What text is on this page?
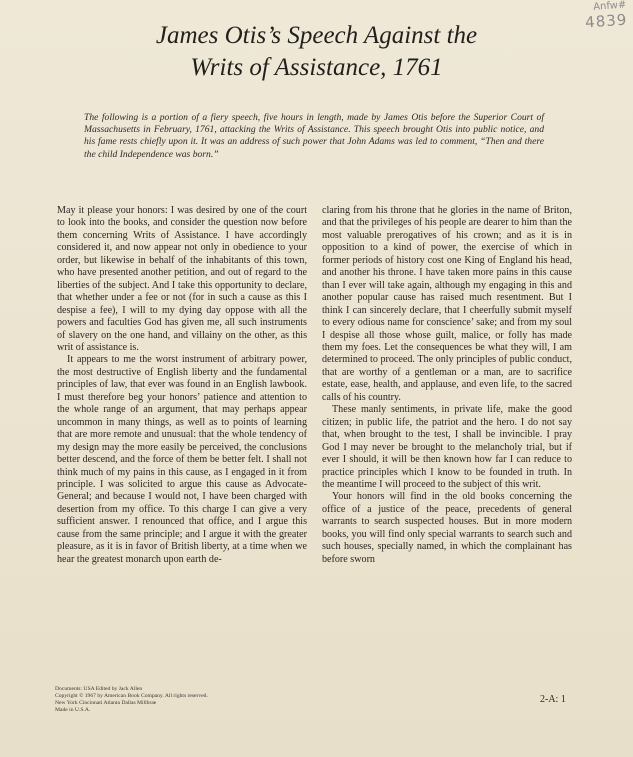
Anfw#
4839
James Otis’s Speech Against the
Writs of Assistance, 1761
The following is a portion of a fiery speech, five hours in length, made by James Otis before the Superior Court of Massachusetts in February, 1761, attacking the Writs of Assistance. This speech brought Otis into public notice, and his fame rests chiefly upon it. It was an address of such power that John Adams was led to comment, “Then and there the child Independence was born.”

May it please your honors: I was desired by one of the court to look into the books, and consider the question now before them concerning Writs of Assistance. I have accordingly considered it, and now appear not only in obedience to your order, but likewise in behalf of the inhabitants of this town, who have presented another petition, and out of regard to the liberties of the subject. And I take this opportunity to declare, that whether under a fee or not (for in such a cause as this I despise a fee), I will to my dying day oppose with all the powers and faculties God has given me, all such instruments of slavery on the one hand, and villainy on the other, as this writ of assistance is.

It appears to me the worst instrument of arbitrary power, the most destructive of English liberty and the fundamental principles of law, that ever was found in an English lawbook. I must therefore beg your honors’ patience and attention to the whole range of an argument, that may perhaps appear uncommon in many things, as well as to points of learning that are more remote and unusual: that the whole tendency of my design may the more easily be perceived, the conclusions better descend, and the force of them be better felt. I shall not think much of my pains in this cause, as I engaged in it from principle. I was solicited to argue this cause as Advocate-General; and because I would not, I have been charged with desertion from my office. To this charge I can give a very sufficient answer. I renounced that office, and I argue this cause from the same principle; and I argue it with the greater pleasure, as it is in favor of British liberty, at a time when we hear the greatest monarch upon earth de-

claring from his throne that he glories in the name of Briton, and that the privileges of his people are dearer to him than the most valuable prerogatives of his crown; and as it is in opposition to a kind of power, the exercise of which in former periods of history cost one King of England his head, and another his throne. I have taken more pains in this cause than I ever will take again, although my engaging in this and another popular cause has raised much resentment. But I think I can sincerely declare, that I cheerfully submit myself to every odious name for conscience’ sake; and from my soul I despise all those whose guilt, malice, or folly has made them my foes. Let the consequences be what they will, I am determined to proceed. The only principles of public conduct, that are worthy of a gentleman or a man, are to sacrifice estate, ease, health, and applause, and even life, to the sacred calls of his country.

These manly sentiments, in private life, make the good citizen; in public life, the patriot and the hero. I do not say that, when brought to the test, I shall be invincible. I pray God I may never be brought to the melancholy trial, but if ever I should, it will be then known how far I can reduce to practice principles which I know to be founded in truth. In the meantime I will proceed to the subject of this writ.

Your honors will find in the old books concerning the office of a justice of the peace, precedents of general warrants to search suspected houses. But in more modern books, you will find only special warrants to search such and such houses, specially named, in which the complainant has before sworn

Documents: USA Edited by Jack Allen
Copyright © 1967 by American Book Company. All rights reserved.
New York Cincinnati Atlanta Dallas Millbrae
Made in U.S.A.
2-A: 1
